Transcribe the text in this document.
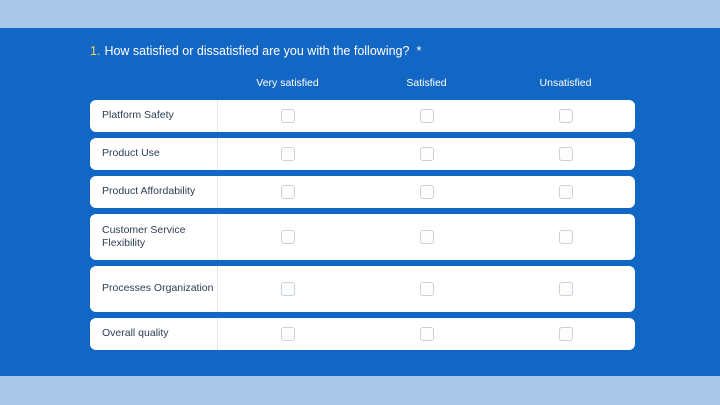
1. How satisfied or dissatisfied are you with the following? *
Very satisfied	Satisfied	Unsatisfied
Platform Safety
Product Use
Product Affordability
Customer Service Flexibility
Processes Organization
Overall quality
